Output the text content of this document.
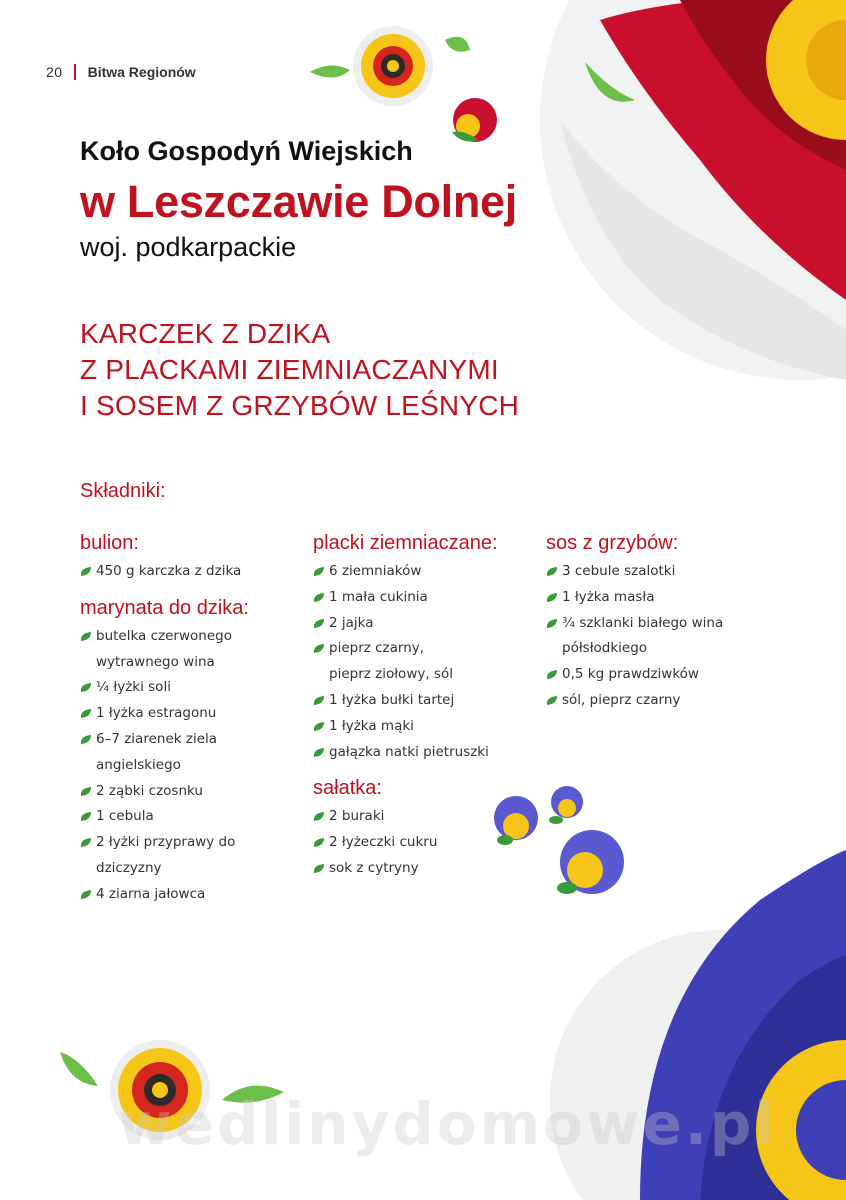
20 Bitwa Regionów
Koło Gospodyń Wiejskich
w Leszczawie Dolnej
woj. podkarpackie
KARCZEK Z DZIKA
Z PLACKAMI ZIEMNIACZANYMI
I SOSEM Z GRZYBÓW LEŚNYCH
Składniki:
bulion:
450 g karczka z dzika
marynata do dzika:
butelka czerwonego
wytrawnego wina
¼ łyżki soli
1 łyżka estragonu
6–7 ziarenek ziela
angielskiego
2 ząbki czosnku
1 cebula
2 łyżki przyprawy do
dziczyzny
4 ziarna jałowca
placki ziemniaczane:
6 ziemniaków
1 mała cukinia
2 jajka
pieprz czarny,
pieprz ziołowy, sól
1 łyżka bułki tartej
1 łyżka mąki
gałązka natki pietruszki
sałatka:
2 buraki
2 łyżeczki cukru
sok z cytryny
sos z grzybów:
3 cebule szalotki
1 łyżka masła
¾ szklanki białego wina
półsłodkiego
0,5 kg prawdziwków
sól, pieprz czarny
wedlinydomowe.pl
